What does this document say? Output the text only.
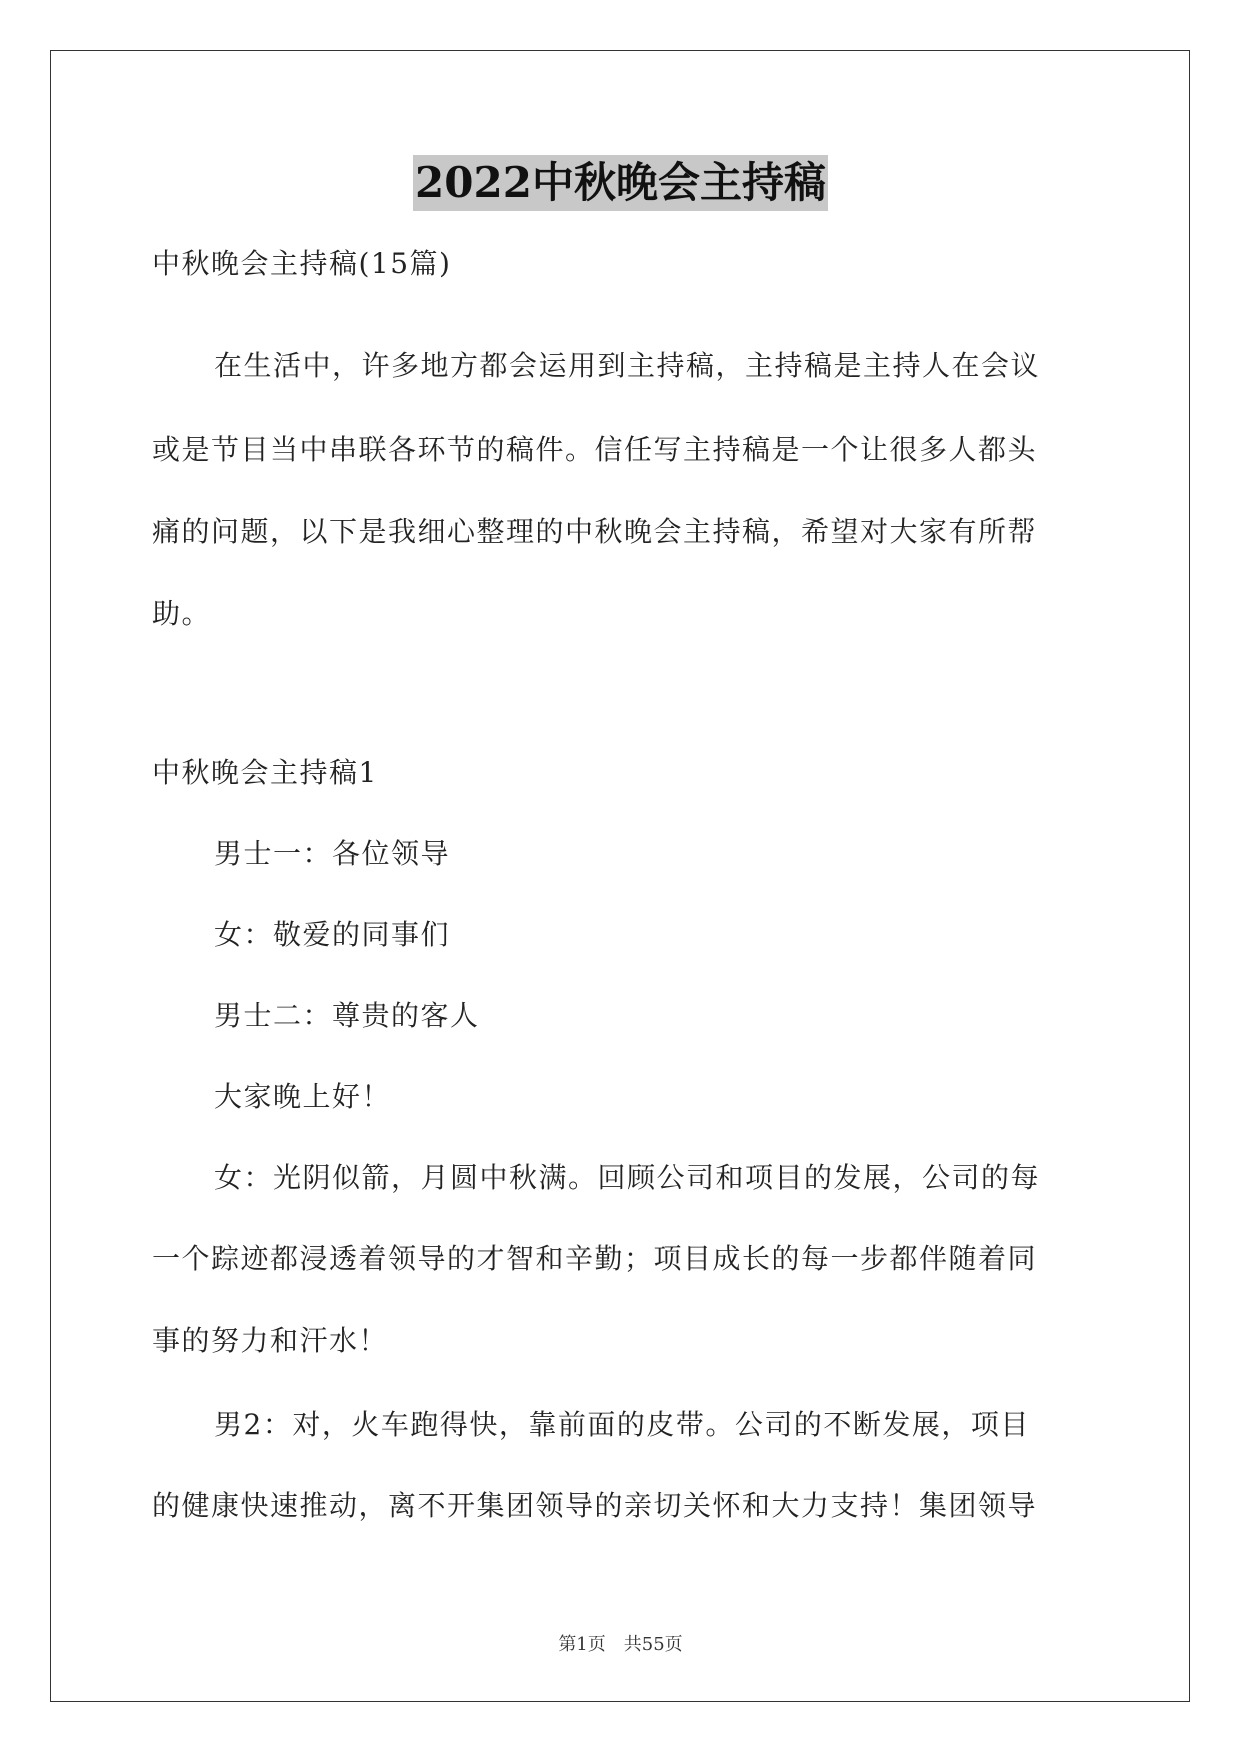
2022中秋晚会主持稿

中秋晚会主持稿(15篇)

在生活中，许多地方都会运用到主持稿，主持稿是主持人在会议

或是节目当中串联各环节的稿件。信任写主持稿是一个让很多人都头

痛的问题，以下是我细心整理的中秋晚会主持稿，希望对大家有所帮

助。

中秋晚会主持稿1

男士一：各位领导

女：敬爱的同事们

男士二：尊贵的客人

大家晚上好！

女：光阴似箭，月圆中秋满。回顾公司和项目的发展，公司的每

一个踪迹都浸透着领导的才智和辛勤；项目成长的每一步都伴随着同

事的努力和汗水！

男2：对，火车跑得快，靠前面的皮带。公司的不断发展，项目

的健康快速推动，离不开集团领导的亲切关怀和大力支持！集团领导

第1页　共55页
